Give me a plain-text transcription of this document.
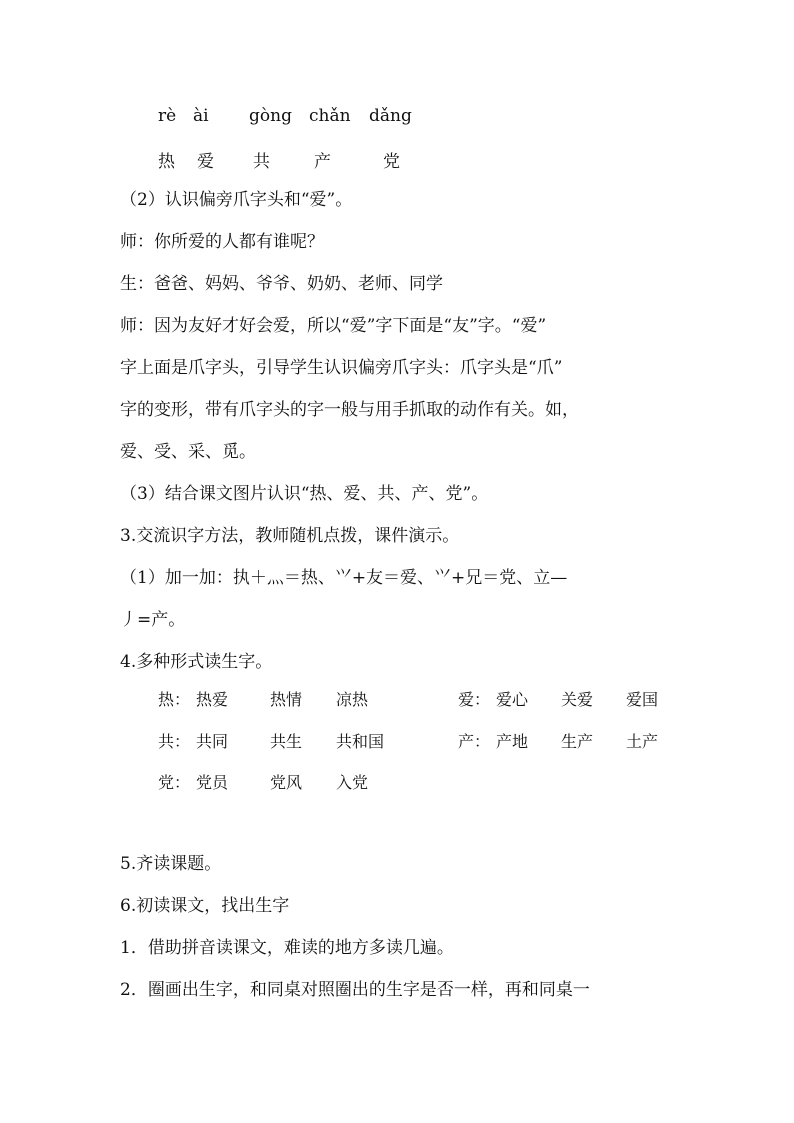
rè ài gòng chǎn dǎng
热 爱 共	产	党
（2）认识偏旁爪字头和“爱”。
师：你所爱的人都有谁呢？
生：爸爸、妈妈、爷爷、奶奶、老师、同学
师：因为友好才好会爱，所以“爱”字下面是“友”字。“爱”
字上面是爪字头，引导学生认识偏旁爪字头：爪字头是“爪”
字的变形，带有爪字头的字一般与用手抓取的动作有关。如，
爱、受、采、觅。
（3）结合课文图片认识“热、爱、共、产、党”。
3.交流识字方法，教师随机点拨，课件演示。
（1）加一加：执＋灬＝热、⺍+友＝爱、⺍+兄＝党、立—
丿=产。
4.多种形式读生字。
热： 热爱	热情 凉热	爱： 爱心 关爱 爱国
共： 共同	共生 共和国	产： 产地 生产 土产
党： 党员	党风 入党
5.齐读课题。
6.初读课文，找出生字
1．借助拼音读课文，难读的地方多读几遍。
2．圈画出生字，和同桌对照圈出的生字是否一样，再和同桌一
